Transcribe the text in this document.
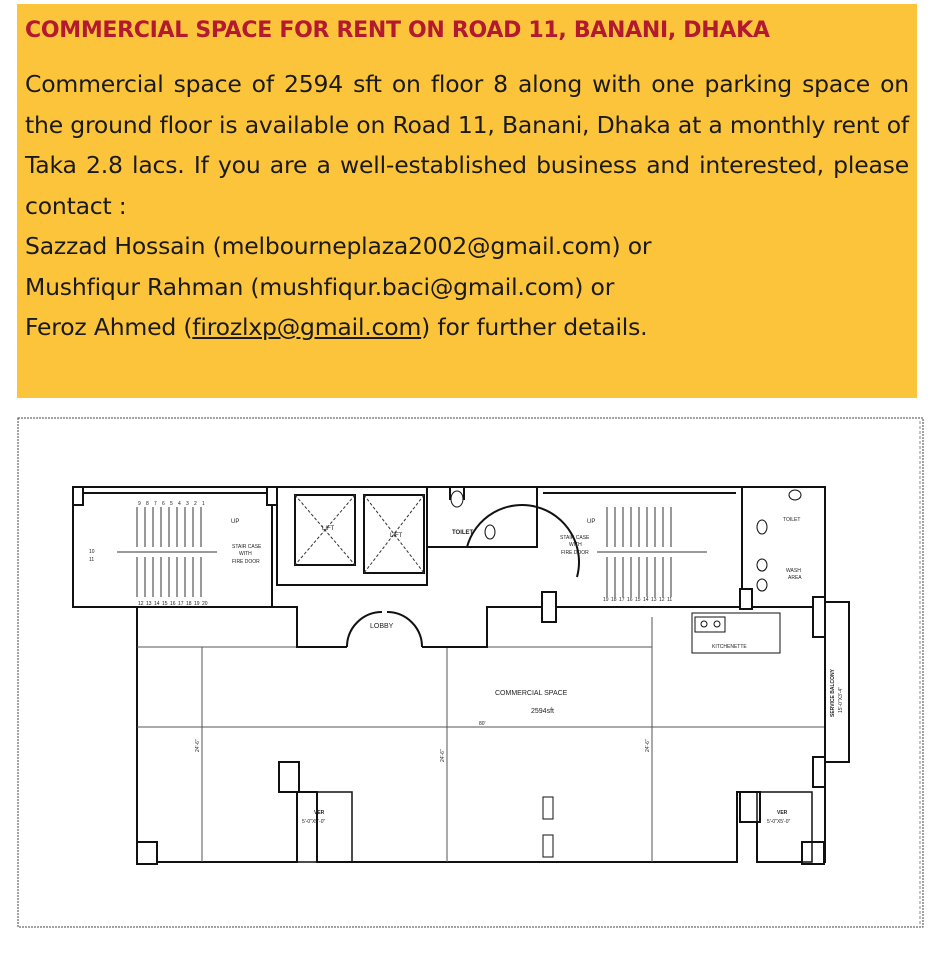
COMMERCIAL SPACE FOR RENT ON ROAD 11, BANANI, DHAKA
Commercial space of 2594 sft on floor 8 along with one parking space on the ground floor is available on Road 11, Banani, Dhaka at a monthly rent of Taka 2.8 lacs. If you are a well-established business and interested, please contact :
Sazzad Hossain (melbourneplaza2002@gmail.com) or
Mushfiqur Rahman (mushfiqur.baci@gmail.com) or
Feroz Ahmed (firozlxp@gmail.com) for further details.
LIFT
LIFT	TOILET
TOILET
UP	UP
STAIR CASE
WITH
FIRE DOOR
STAIR CASE
WITH
FIRE DOOR
LOBBY
WASH
AREA
KITCHENETTE
COMMERCIAL SPACE
2594sft
VER
5'-0"X5'-0"
VER
5'-0"X5'-0"
80'
SERVICE BALCONY 15'-0"X3'-4"
24'-6"
24'-6"
24'-6"
9 8 7 6 5 4 3 2 1
12 13 14 15 16 17 18 19 20
10
11
19 18 17 16 15 14 13 12 11
